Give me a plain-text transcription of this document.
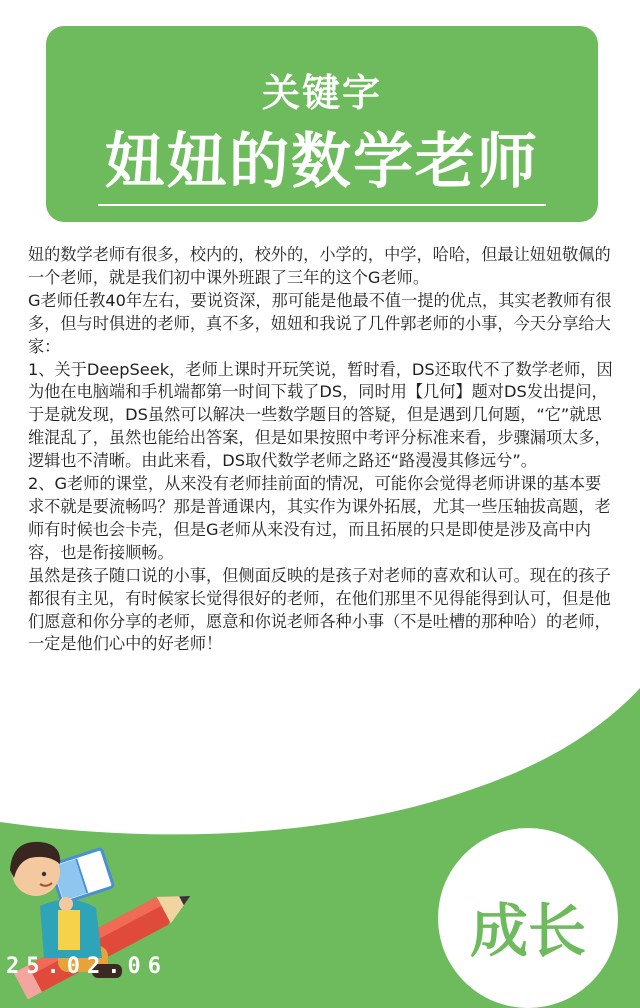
关键字
妞妞的数学老师

妞的数学老师有很多，校内的，校外的，小学的，中学，哈哈，但最让妞妞敬佩的一个老师，就是我们初中课外班跟了三年的这个G老师。

G老师任教40年左右，要说资深，那可能是他最不值一提的优点，其实老教师有很多，但与时俱进的老师，真不多，妞妞和我说了几件郭老师的小事，今天分享给大家：

1、关于DeepSeek，老师上课时开玩笑说，暂时看，DS还取代不了数学老师，因为他在电脑端和手机端都第一时间下载了DS，同时用【几何】题对DS发出提问，于是就发现，DS虽然可以解决一些数学题目的答疑，但是遇到几何题，“它”就思维混乱了，虽然也能给出答案，但是如果按照中考评分标准来看，步骤漏项太多，逻辑也不清晰。由此来看，DS取代数学老师之路还“路漫漫其修远兮”。

2、G老师的课堂，从来没有老师挂前面的情况，可能你会觉得老师讲课的基本要求不就是要流畅吗？那是普通课内，其实作为课外拓展，尤其一些压轴拔高题，老师有时候也会卡壳，但是G老师从来没有过，而且拓展的只是即使是涉及高中内容，也是衔接顺畅。

虽然是孩子随口说的小事，但侧面反映的是孩子对老师的喜欢和认可。现在的孩子都很有主见，有时候家长觉得很好的老师，在他们那里不见得能得到认可，但是他们愿意和你分享的老师，愿意和你说老师各种小事（不是吐槽的那种哈）的老师，一定是他们心中的好老师！

25.02.06
成长
